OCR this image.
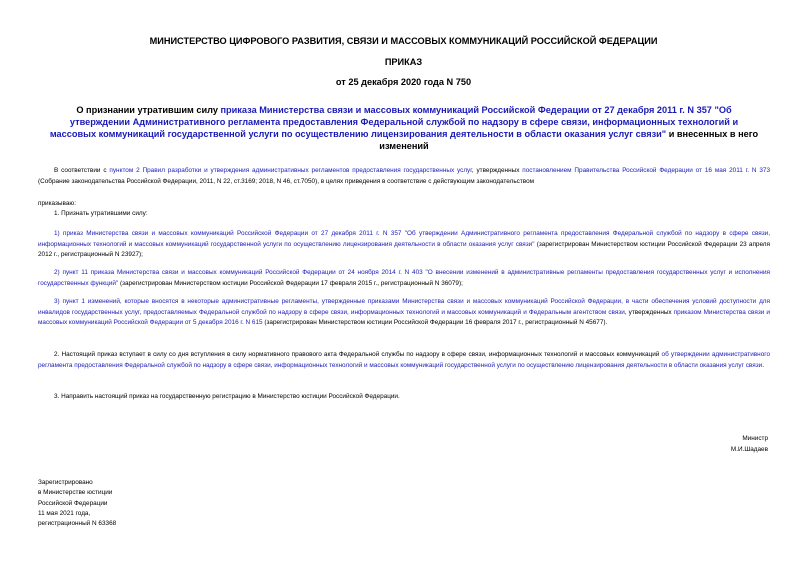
МИНИСТЕРСТВО ЦИФРОВОГО РАЗВИТИЯ, СВЯЗИ И МАССОВЫХ КОММУНИКАЦИЙ РОССИЙСКОЙ ФЕДЕРАЦИИ
ПРИКАЗ
от 25 декабря 2020 года N 750
О признании утратившим силу приказа Министерства связи и массовых коммуникаций Российской Федерации от 27 декабря 2011 г. N 357 "Об утверждении Административного регламента предоставления Федеральной службой по надзору в сфере связи, информационных технологий и массовых коммуникаций государственной услуги по осуществлению лицензирования деятельности в области оказания услуг связи" и внесенных в него изменений
В соответствии с пунктом 2 Правил разработки и утверждения административных регламентов предоставления государственных услуг, утвержденных постановлением Правительства Российской Федерации от 16 мая 2011 г. N 373 (Собрание законодательства Российской Федерации, 2011, N 22, ст.3169; 2018, N 46, ст.7050), в целях приведения в соответствие с действующим законодательством
приказываю:
1. Признать утратившими силу:
1) приказ Министерства связи и массовых коммуникаций Российской Федерации от 27 декабря 2011 г. N 357 "Об утверждении Административного регламента предоставления Федеральной службой по надзору в сфере связи, информационных технологий и массовых коммуникаций государственной услуги по осуществлению лицензирования деятельности в области оказания услуг связи" (зарегистрирован Министерством юстиции Российской Федерации 23 апреля 2012 г., регистрационный N 23927);
2) пункт 11 приказа Министерства связи и массовых коммуникаций Российской Федерации от 24 ноября 2014 г. N 403 "О внесении изменений в административные регламенты предоставления государственных услуг и исполнения государственных функций" (зарегистрирован Министерством юстиции Российской Федерации 17 февраля 2015 г., регистрационный N 36079);
3) пункт 1 изменений, которые вносятся в некоторые административные регламенты, утвержденные приказами Министерства связи и массовых коммуникаций Российской Федерации, в части обеспечения условий доступности для инвалидов государственных услуг, предоставляемых Федеральной службой по надзору в сфере связи, информационных технологий и массовых коммуникаций и Федеральным агентством связи, утвержденных приказом Министерства связи и массовых коммуникаций Российской Федерации от 5 декабря 2016 г. N 615 (зарегистрирован Министерством юстиции Российской Федерации 16 февраля 2017 г., регистрационный N 45677).
2. Настоящий приказ вступает в силу со дня вступления в силу нормативного правового акта Федеральной службы по надзору в сфере связи, информационных технологий и массовых коммуникаций об утверждении административного регламента предоставления Федеральной службой по надзору в сфере связи, информационных технологий и массовых коммуникаций государственной услуги по осуществлению лицензирования деятельности в области оказания услуг связи.
3. Направить настоящий приказ на государственную регистрацию в Министерство юстиции Российской Федерации.
Министр
М.И.Шадаев
Зарегистрировано
в Министерстве юстиции
Российской Федерации
11 мая 2021 года,
регистрационный N 63368
